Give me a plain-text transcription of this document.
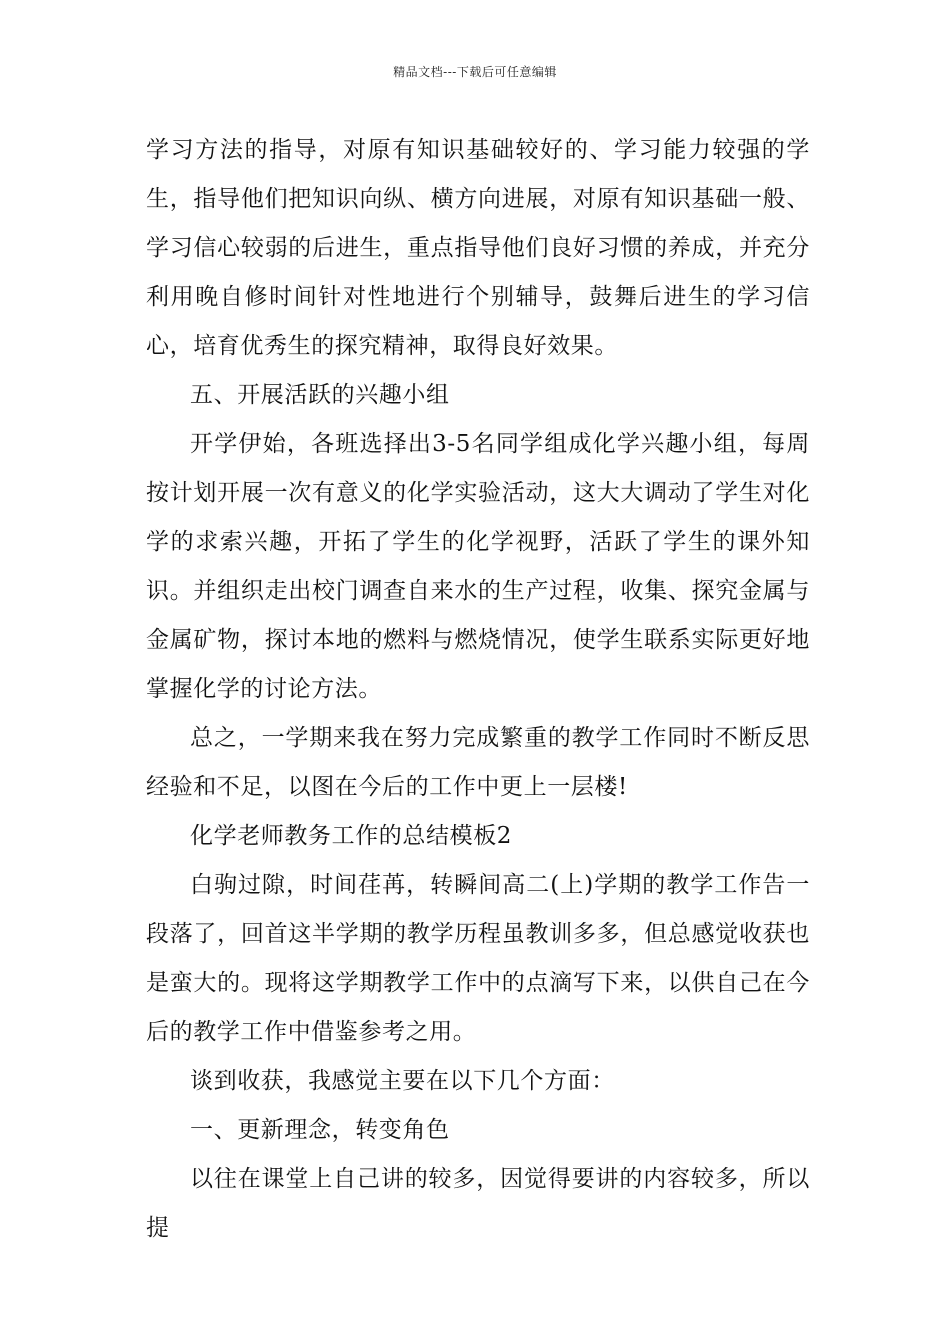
精品文档---下载后可任意编辑

学习方法的指导，对原有知识基础较好的、学习能力较强的学生，指导他们把知识向纵、横方向进展，对原有知识基础一般、学习信心较弱的后进生，重点指导他们良好习惯的养成，并充分利用晚自修时间针对性地进行个别辅导，鼓舞后进生的学习信心，培育优秀生的探究精神，取得良好效果。

五、开展活跃的兴趣小组

开学伊始，各班选择出3-5名同学组成化学兴趣小组，每周按计划开展一次有意义的化学实验活动，这大大调动了学生对化学的求索兴趣，开拓了学生的化学视野，活跃了学生的课外知识。并组织走出校门调查自来水的生产过程，收集、探究金属与金属矿物，探讨本地的燃料与燃烧情况，使学生联系实际更好地掌握化学的讨论方法。

总之，一学期来我在努力完成繁重的教学工作同时不断反思经验和不足，以图在今后的工作中更上一层楼!

化学老师教务工作的总结模板2

白驹过隙，时间荏苒，转瞬间高二(上)学期的教学工作告一段落了，回首这半学期的教学历程虽教训多多，但总感觉收获也是蛮大的。现将这学期教学工作中的点滴写下来，以供自己在今后的教学工作中借鉴参考之用。

谈到收获，我感觉主要在以下几个方面：

一、更新理念，转变角色

以往在课堂上自己讲的较多，因觉得要讲的内容较多，所以提
